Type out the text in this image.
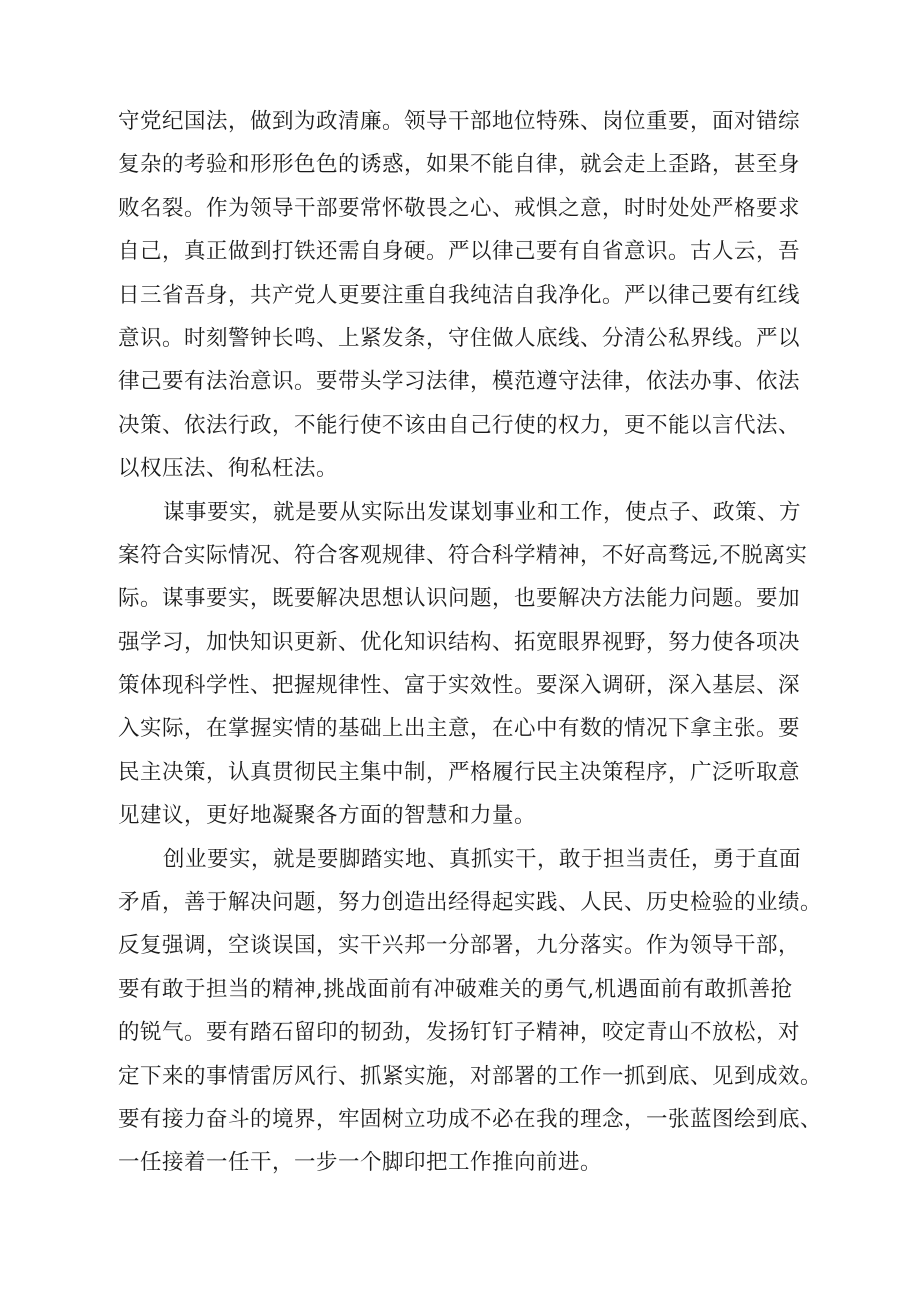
守党纪国法，做到为政清廉。领导干部地位特殊、岗位重要，面对错综
复杂的考验和形形色色的诱惑，如果不能自律，就会走上歪路，甚至身
败名裂。作为领导干部要常怀敬畏之心、戒惧之意，时时处处严格要求
自己，真正做到打铁还需自身硬。严以律己要有自省意识。古人云，吾
日三省吾身，共产党人更要注重自我纯洁自我净化。严以律己要有红线
意识。时刻警钟长鸣、上紧发条，守住做人底线、分清公私界线。严以
律己要有法治意识。要带头学习法律，模范遵守法律，依法办事、依法
决策、依法行政，不能行使不该由自己行使的权力，更不能以言代法、
以权压法、徇私枉法。
谋事要实，就是要从实际出发谋划事业和工作，使点子、政策、方
案符合实际情况、符合客观规律、符合科学精神，不好高骛远,不脱离实
际。谋事要实，既要解决思想认识问题，也要解决方法能力问题。要加
强学习，加快知识更新、优化知识结构、拓宽眼界视野，努力使各项决
策体现科学性、把握规律性、富于实效性。要深入调研，深入基层、深
入实际，在掌握实情的基础上出主意，在心中有数的情况下拿主张。要
民主决策，认真贯彻民主集中制，严格履行民主决策程序，广泛听取意
见建议，更好地凝聚各方面的智慧和力量。
创业要实，就是要脚踏实地、真抓实干，敢于担当责任，勇于直面
矛盾，善于解决问题，努力创造出经得起实践、人民、历史检验的业绩。
反复强调，空谈误国，实干兴邦一分部署，九分落实。作为领导干部，
要有敢于担当的精神,挑战面前有冲破难关的勇气,机遇面前有敢抓善抢
的锐气。要有踏石留印的韧劲，发扬钉钉子精神，咬定青山不放松，对
定下来的事情雷厉风行、抓紧实施，对部署的工作一抓到底、见到成效。
要有接力奋斗的境界，牢固树立功成不必在我的理念，一张蓝图绘到底、
一任接着一任干，一步一个脚印把工作推向前进。
